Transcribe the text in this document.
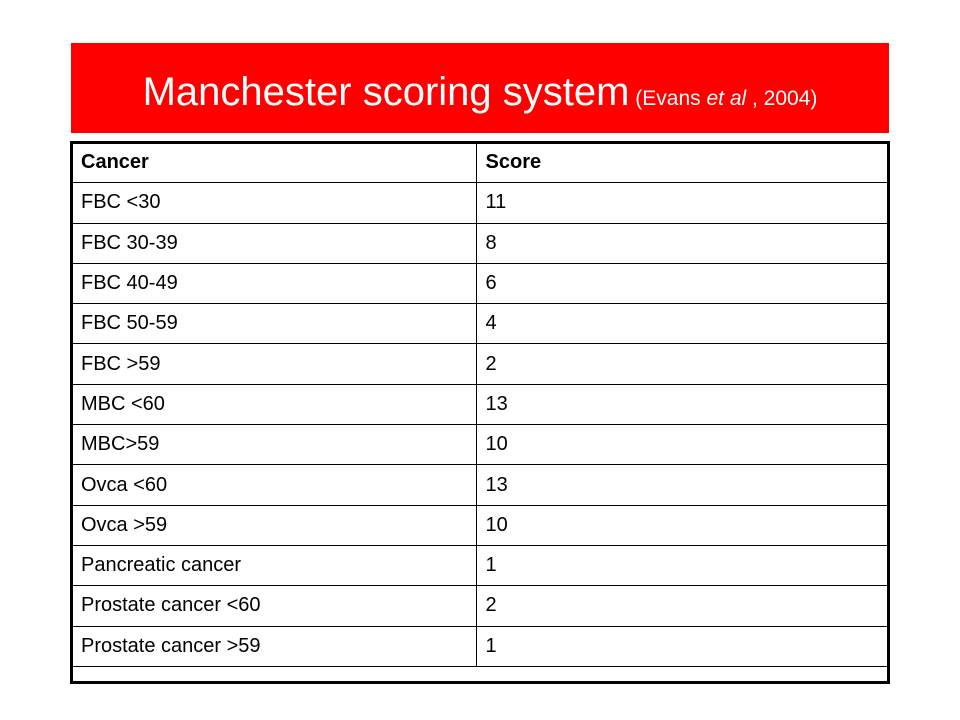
Manchester scoring system (Evans et al , 2004)
Cancer	Score
FBC <30	11
FBC 30-39	8
FBC 40-49	6
FBC 50-59	4
FBC >59	2
MBC <60	13
MBC>59	10
Ovca <60	13
Ovca >59	10
Pancreatic cancer	1
Prostate cancer <60	2
Prostate cancer >59	1
